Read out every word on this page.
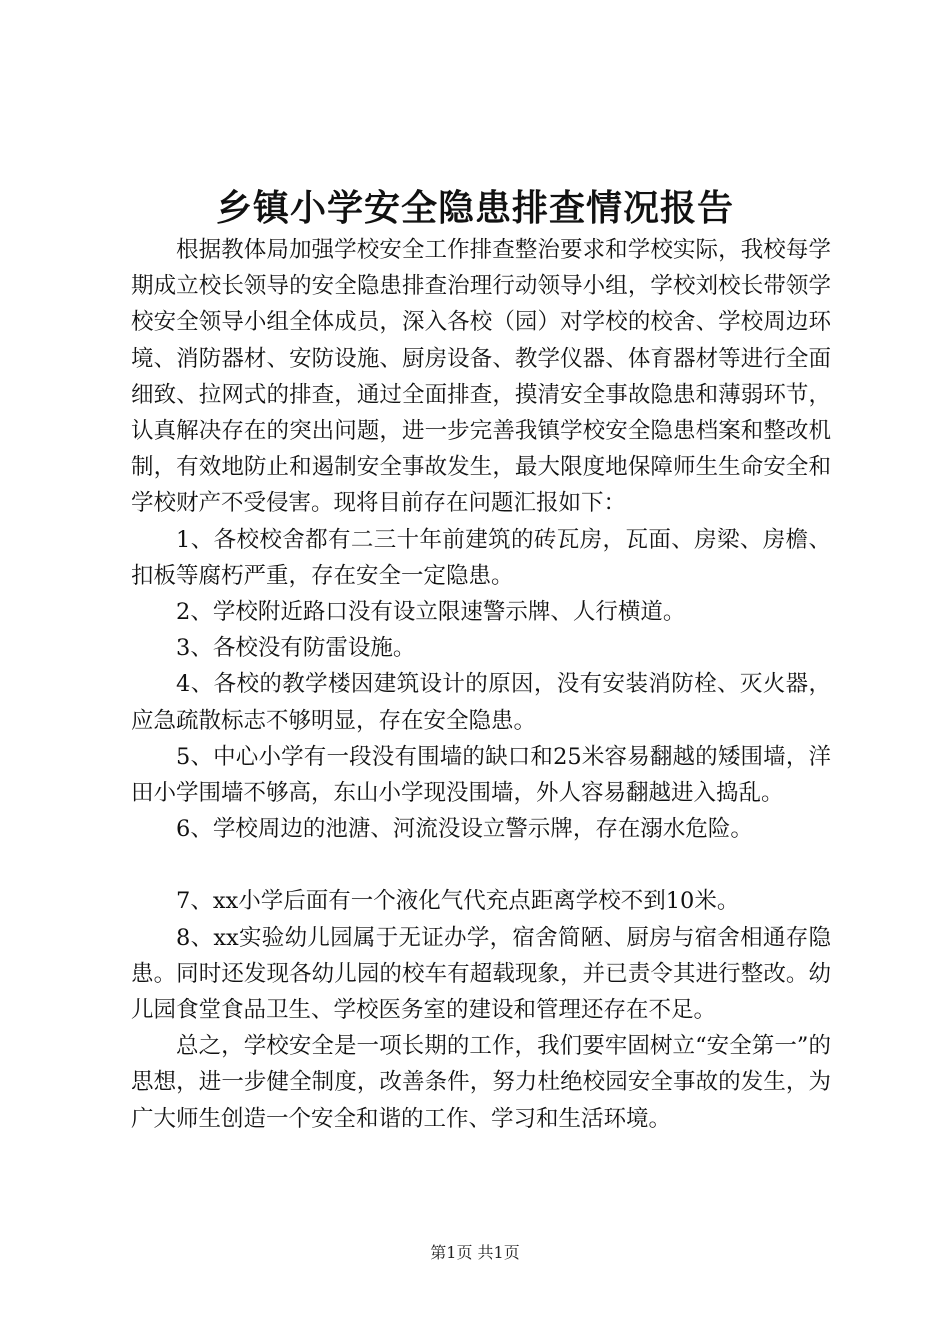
乡镇小学安全隐患排查情况报告

根据教体局加强学校安全工作排查整治要求和学校实际，我校每学期成立校长领导的安全隐患排查治理行动领导小组，学校刘校长带领学校安全领导小组全体成员，深入各校（园）对学校的校舍、学校周边环境、消防器材、安防设施、厨房设备、教学仪器、体育器材等进行全面细致、拉网式的排查，通过全面排查，摸清安全事故隐患和薄弱环节，认真解决存在的突出问题，进一步完善我镇学校安全隐患档案和整改机制，有效地防止和遏制安全事故发生，最大限度地保障师生生命安全和学校财产不受侵害。现将目前存在问题汇报如下：

1、各校校舍都有二三十年前建筑的砖瓦房，瓦面、房梁、房檐、扣板等腐朽严重，存在安全一定隐患。

2、学校附近路口没有设立限速警示牌、人行横道。

3、各校没有防雷设施。

4、各校的教学楼因建筑设计的原因，没有安装消防栓、灭火器，应急疏散标志不够明显，存在安全隐患。

5、中心小学有一段没有围墙的缺口和25米容易翻越的矮围墙，洋田小学围墙不够高，东山小学现没围墙，外人容易翻越进入捣乱。

6、学校周边的池溏、河流没设立警示牌，存在溺水危险。

7、xx小学后面有一个液化气代充点距离学校不到10米。

8、xx实验幼儿园属于无证办学，宿舍简陋、厨房与宿舍相通存隐患。同时还发现各幼儿园的校车有超载现象，并已责令其进行整改。幼儿园食堂食品卫生、学校医务室的建设和管理还存在不足。

总之，学校安全是一项长期的工作，我们要牢固树立“安全第一”的思想，进一步健全制度，改善条件，努力杜绝校园安全事故的发生，为广大师生创造一个安全和谐的工作、学习和生活环境。

第1页 共1页
